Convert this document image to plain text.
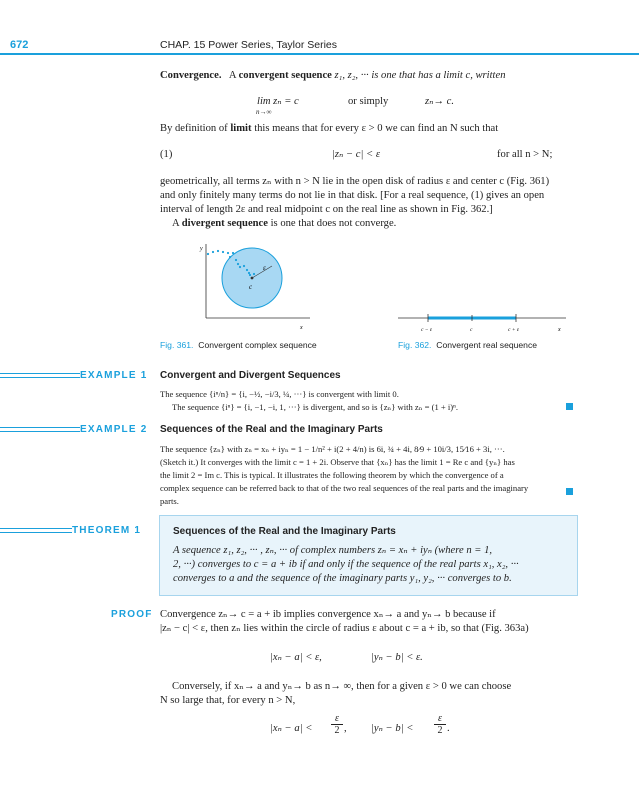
672	CHAP. 15 Power Series, Taylor Series
Convergence. A convergent sequence z₁, z₂, ··· is one that has a limit c, written
lim zₙ = c
n→∞
or simply	zₙ→ c.
By definition of limit this means that for every ε > 0 we can find an N such that
(1)	|zₙ − c| < ε	for all n > N;
geometrically, all terms zₙ with n > N lie in the open disk of radius ε and center c (Fig. 361)
and only finitely many terms do not lie in that disk. [For a real sequence, (1) gives an open
interval of length 2ε and real midpoint c on the real line as shown in Fig. 362.]
A divergent sequence is one that does not converge.
y
x
ε
c
Fig. 361. Convergent complex sequence
c − ε	c	c + ε	x
Fig. 362. Convergent real sequence
EXAMPLE 1 Convergent and Divergent Sequences
The sequence {iⁿ/n} = {i, −½, −i/3, ¼, ···} is convergent with limit 0.
The sequence {iⁿ} = {i, −1, −i, 1, ···} is divergent, and so is {zₙ} with zₙ = (1 + i)ⁿ.
EXAMPLE 2 Sequences of the Real and the Imaginary Parts
The sequence {zₙ} with zₙ = xₙ + iyₙ = 1 − 1/n² + i(2 + 4/n) is 6i, ¾ + 4i, 8⁄9 + 10i/3, 15⁄16 + 3i, ···.
(Sketch it.) It converges with the limit c = 1 + 2i. Observe that {xₙ} has the limit 1 = Re c and {yₙ} has
the limit 2 = Im c. This is typical. It illustrates the following theorem by which the convergence of a
complex sequence can be referred back to that of the two real sequences of the real parts and the imaginary
parts.
THEOREM 1	Sequences of the Real and the Imaginary Parts
A sequence z₁, z₂, ··· , zₙ, ··· of complex numbers zₙ = xₙ + iyₙ (where n = 1,
2, ···) converges to c = a + ib if and only if the sequence of the real parts x₁, x₂, ···
converges to a and the sequence of the imaginary parts y₁, y₂, ··· converges to b.
PROOF Convergence zₙ→ c = a + ib implies convergence xₙ→ a and yₙ→ b because if
|zₙ − c| < ε, then zₙ lies within the circle of radius ε about c = a + ib, so that (Fig. 363a)
|xₙ − a| < ε,	|yₙ − b| < ε.
Conversely, if xₙ→ a and yₙ→ b as n→ ∞, then for a given ε > 0 we can choose
N so large that, for every n > N,
|xₙ − a| <
ε
2 , |yₙ − b| <
ε
2 .
